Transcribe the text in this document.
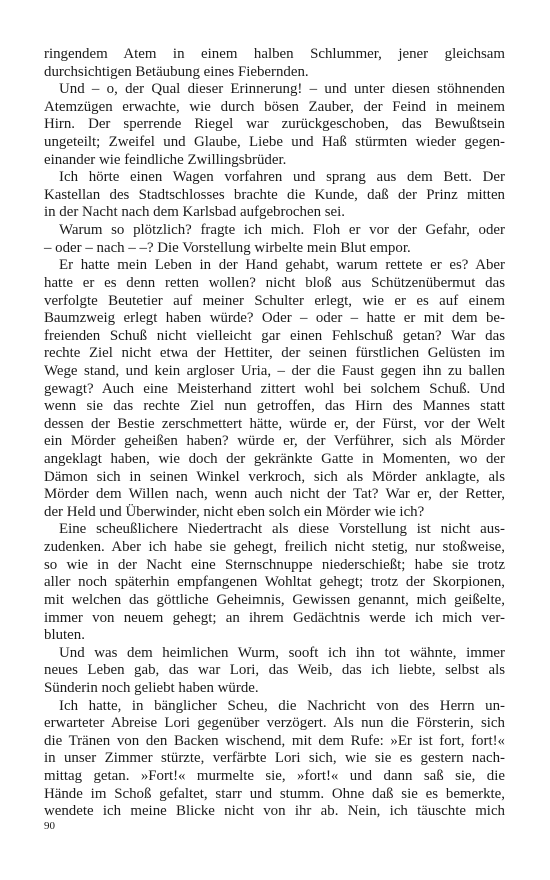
ringendem Atem in einem halben Schlummer, jener gleichsam
durchsichtigen Betäubung eines Fiebernden.
Und – o, der Qual dieser Erinnerung! – und unter diesen stöhnenden
Atemzügen erwachte, wie durch bösen Zauber, der Feind in meinem
Hirn. Der sperrende Riegel war zurückgeschoben, das Bewußtsein
ungeteilt; Zweifel und Glaube, Liebe und Haß stürmten wieder gegen-
einander wie feindliche Zwillingsbrüder.
Ich hörte einen Wagen vorfahren und sprang aus dem Bett. Der
Kastellan des Stadtschlosses brachte die Kunde, daß der Prinz mitten
in der Nacht nach dem Karlsbad aufgebrochen sei.
Warum so plötzlich? fragte ich mich. Floh er vor der Gefahr, oder
– oder – nach – –? Die Vorstellung wirbelte mein Blut empor.
Er hatte mein Leben in der Hand gehabt, warum rettete er es? Aber
hatte er es denn retten wollen? nicht bloß aus Schützenübermut das
verfolgte Beutetier auf meiner Schulter erlegt, wie er es auf einem
Baumzweig erlegt haben würde? Oder – oder – hatte er mit dem be-
freienden Schuß nicht vielleicht gar einen Fehlschuß getan? War das
rechte Ziel nicht etwa der Hettiter, der seinen fürstlichen Gelüsten im
Wege stand, und kein argloser Uria, – der die Faust gegen ihn zu ballen
gewagt? Auch eine Meisterhand zittert wohl bei solchem Schuß. Und
wenn sie das rechte Ziel nun getroffen, das Hirn des Mannes statt
dessen der Bestie zerschmettert hätte, würde er, der Fürst, vor der Welt
ein Mörder geheißen haben? würde er, der Verführer, sich als Mörder
angeklagt haben, wie doch der gekränkte Gatte in Momenten, wo der
Dämon sich in seinen Winkel verkroch, sich als Mörder anklagte, als
Mörder dem Willen nach, wenn auch nicht der Tat? War er, der Retter,
der Held und Überwinder, nicht eben solch ein Mörder wie ich?
Eine scheußlichere Niedertracht als diese Vorstellung ist nicht aus-
zudenken. Aber ich habe sie gehegt, freilich nicht stetig, nur stoßweise,
so wie in der Nacht eine Sternschnuppe niederschießt; habe sie trotz
aller noch späterhin empfangenen Wohltat gehegt; trotz der Skorpionen,
mit welchen das göttliche Geheimnis, Gewissen genannt, mich geißelte,
immer von neuem gehegt; an ihrem Gedächtnis werde ich mich ver-
bluten.
Und was dem heimlichen Wurm, sooft ich ihn tot wähnte, immer
neues Leben gab, das war Lori, das Weib, das ich liebte, selbst als
Sünderin noch geliebt haben würde.
Ich hatte, in bänglicher Scheu, die Nachricht von des Herrn un-
erwarteter Abreise Lori gegenüber verzögert. Als nun die Försterin, sich
die Tränen von den Backen wischend, mit dem Rufe: »Er ist fort, fort!«
in unser Zimmer stürzte, verfärbte Lori sich, wie sie es gestern nach-
mittag getan. »Fort!« murmelte sie, »fort!« und dann saß sie, die
Hände im Schoß gefaltet, starr und stumm. Ohne daß sie es bemerkte,
wendete ich meine Blicke nicht von ihr ab. Nein, ich täuschte mich
90
